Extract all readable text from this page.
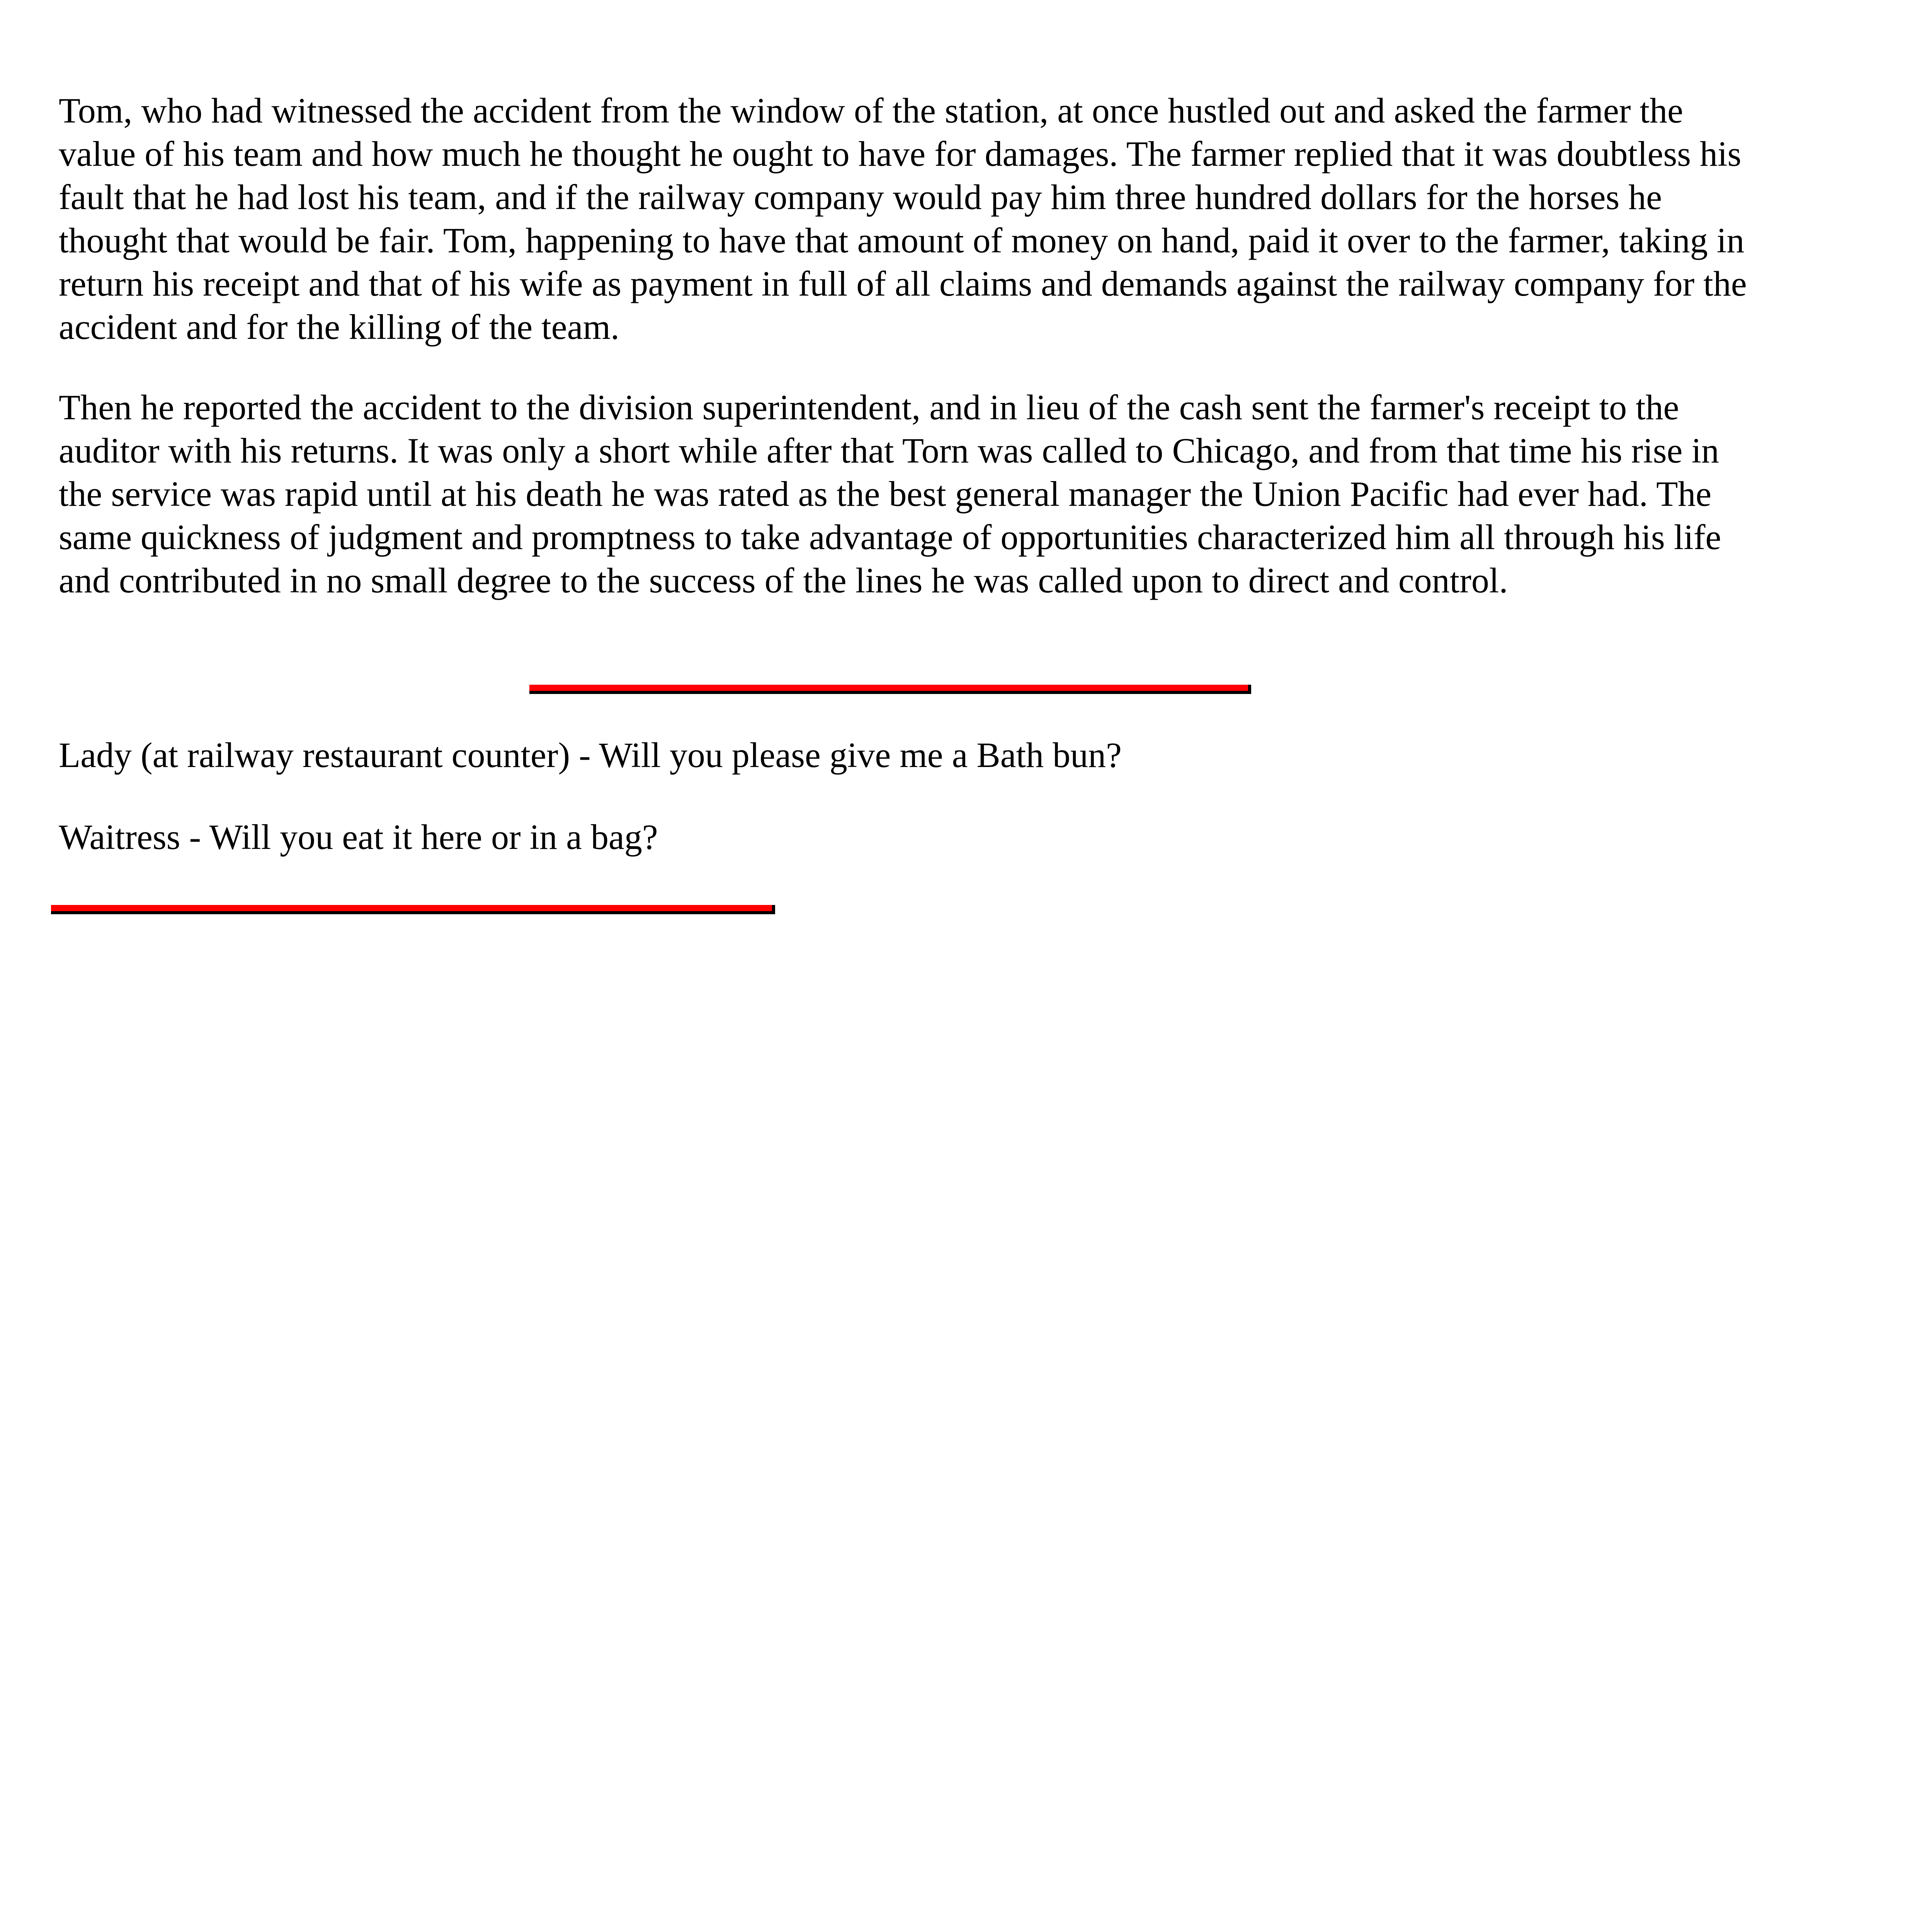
Tom, who had witnessed the accident from the window of the station, at once hustled out and asked the farmer the value of his team and how much he thought he ought to have for damages. The farmer replied that it was doubtless his fault that he had lost his team, and if the railway company would pay him three hundred dollars for the horses he thought that would be fair. Tom, happening to have that amount of money on hand, paid it over to the farmer, taking in return his receipt and that of his wife as payment in full of all claims and demands against the railway company for the accident and for the killing of the team.

Then he reported the accident to the division superintendent, and in lieu of the cash sent the farmer's receipt to the auditor with his returns. It was only a short while after that Torn was called to Chicago, and from that time his rise in the service was rapid until at his death he was rated as the best general manager the Union Pacific had ever had. The same quickness of judgment and promptness to take advantage of opportunities characterized him all through his life and contributed in no small degree to the success of the lines he was called upon to direct and control.

Lady (at railway restaurant counter) - Will you please give me a Bath bun?

Waitress - Will you eat it here or in a bag?
